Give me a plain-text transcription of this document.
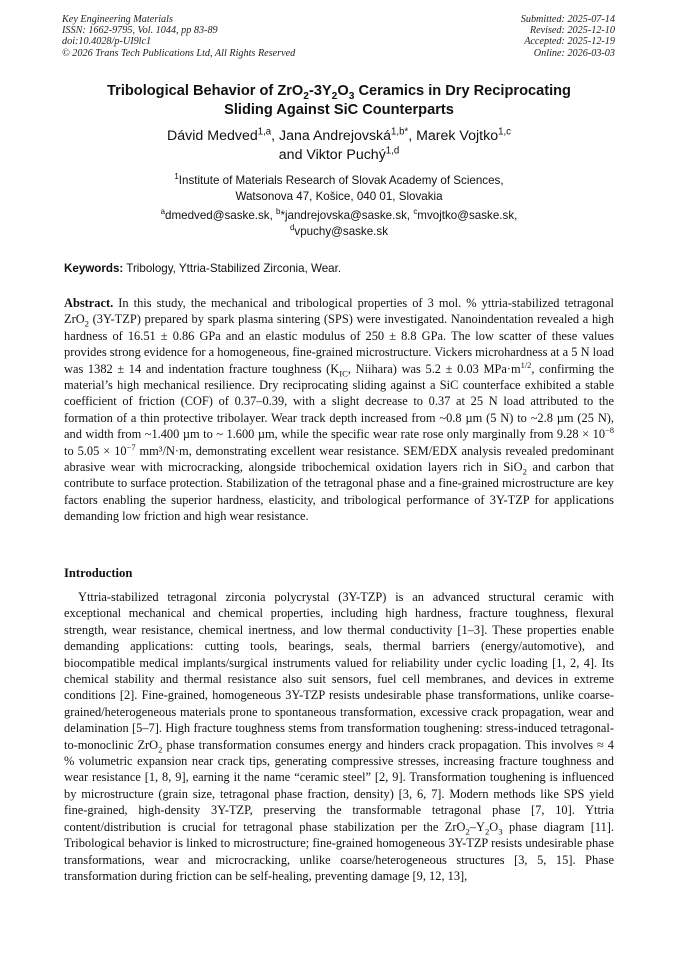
Key Engineering Materials
ISSN: 1662-9795, Vol. 1044, pp 83-89
doi:10.4028/p-UI9lc1
© 2026 Trans Tech Publications Ltd, All Rights Reserved
Submitted: 2025-07-14
Revised: 2025-12-10
Accepted: 2025-12-19
Online: 2026-03-03
Tribological Behavior of $ZrO_2-3Y_2O_3$ Ceramics in Dry Reciprocating
Sliding Against SiC Counterparts
Dávid Medved$^{1,a}$, Jana Andrejovská$^{1,b*}$, Marek Vojtko$^{1,c}$
and Viktor Puchý$^{1,d}$
$^1$Institute of Materials Research of Slovak Academy of Sciences,
Watsonova 47, Košice, 040 01, Slovakia
$^a$dmedved@saske.sk, $^b$*jandrejovska@saske.sk, $^c$mvojtko@saske.sk,
$^d$vpuchy@saske.sk
Keywords: Tribology, Yttria-Stabilized Zirconia, Wear.
Abstract. In this study, the mechanical and tribological properties of 3 mol. % yttria-stabilized tetragonal ZrO$_2$ (3Y-TZP) prepared by spark plasma sintering (SPS) were investigated. Nanoindentation revealed a high hardness of 16.51 ± 0.86 GPa and an elastic modulus of 250 ± 8.8 GPa. The low scatter of these values provides strong evidence for a homogeneous, fine-grained microstructure. Vickers microhardness at a 5 N load was 1382 ± 14 and indentation fracture toughness ($K_{IC}$, Niihara) was 5.2 ± 0.03 $MPa\cdot m^{1/2}$, confirming the material’s high mechanical resilience. Dry reciprocating sliding against a SiC counterface exhibited a stable coefficient of friction (COF) of 0.37–0.39, with a slight decrease to 0.37 at 25 N load attributed to the formation of a thin protective tribolayer. Wear track depth increased from ~0.8 µm (5 N) to ~2.8 µm (25 N), and width from ~1.400 µm to ~ 1.600 µm, while the specific wear rate rose only marginally from $9.28 \times 10^{-8}$ to $5.05 \times 10^{-7}$ mm³/N·m, demonstrating excellent wear resistance. SEM/EDX analysis revealed predominant abrasive wear with microcracking, alongside tribochemical oxidation layers rich in SiO$_2$ and carbon that contribute to surface protection. Stabilization of the tetragonal phase and a fine-grained microstructure are key factors enabling the superior hardness, elasticity, and tribological performance of 3Y-TZP for applications demanding low friction and high wear resistance.
Introduction
Yttria-stabilized tetragonal zirconia polycrystal (3Y-TZP) is an advanced structural ceramic with exceptional mechanical and chemical properties, including high hardness, fracture toughness, flexural strength, wear resistance, chemical inertness, and low thermal conductivity [1–3]. These properties enable demanding applications: cutting tools, bearings, seals, thermal barriers (energy/automotive), and biocompatible medical implants/surgical instruments valued for reliability under cyclic loading [1, 2, 4]. Its chemical stability and thermal resistance also suit sensors, fuel cell membranes, and devices in extreme conditions [2]. Fine-grained, homogeneous 3Y-TZP resists undesirable phase transformations, unlike coarse-grained/heterogeneous materials prone to spontaneous transformation, excessive crack propagation, wear and delamination [5–7]. High fracture toughness stems from transformation toughening: stress-induced tetragonal-to-monoclinic ZrO$_2$ phase transformation consumes energy and hinders crack propagation. This involves ≈ 4 % volumetric expansion near crack tips, generating compressive stresses, increasing fracture toughness and wear resistance [1, 8, 9], earning it the name “ceramic steel” [2, 9]. Transformation toughening is influenced by microstructure (grain size, tetragonal phase fraction, density) [3, 6, 7]. Modern methods like SPS yield fine-grained, high-density 3Y-TZP, preserving the transformable tetragonal phase [7, 10]. Yttria content/distribution is crucial for tetragonal phase stabilization per the $ZrO_2-Y_2O_3$ phase diagram [11]. Tribological behavior is linked to microstructure; fine-grained homogeneous 3Y-TZP resists undesirable phase transformations, wear and microcracking, unlike coarse/heterogeneous structures [3, 5, 15]. Phase transformation during friction can be self-healing, preventing damage [9, 12, 13],
